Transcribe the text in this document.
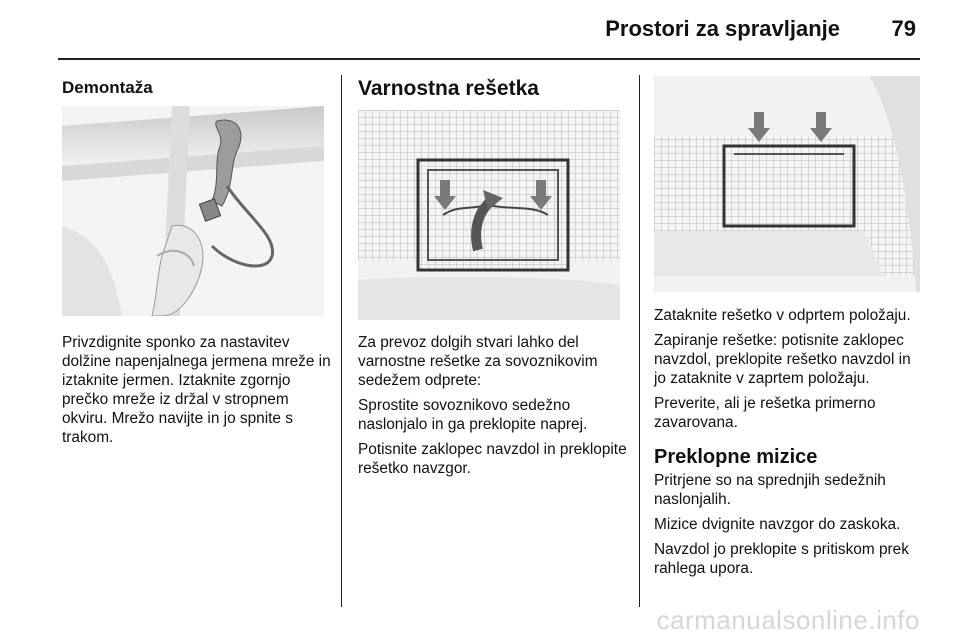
Prostori za spravljanje 79
Demontaža
Privzdignite sponko za nastavitev dolžine napenjalnega jermena mreže in iztaknite jermen. Iztaknite zgornjo prečko mreže iz držal v stropnem okviru. Mrežo navijte in jo spnite s trakom.
Varnostna rešetka

Za prevoz dolgih stvari lahko del varnostne rešetke za sovoznikovim sedežem odprete:

Sprostite sovoznikovo sedežno naslonjalo in ga preklopite naprej.

Potisnite zaklopec navzdol in preklopite rešetko navzgor.

Zataknite rešetko v odprtem položaju.

Zapiranje rešetke: potisnite zaklopec navzdol, preklopite rešetko navzdol in jo zataknite v zaprtem položaju.

Preverite, ali je rešetka primerno zavarovana.

Preklopne mizice

Pritrjene so na sprednjih sedežnih naslonjalih.

Mizice dvignite navzgor do zaskoka.

Navzdol jo preklopite s pritiskom prek rahlega upora.

carmanualsonline.info
